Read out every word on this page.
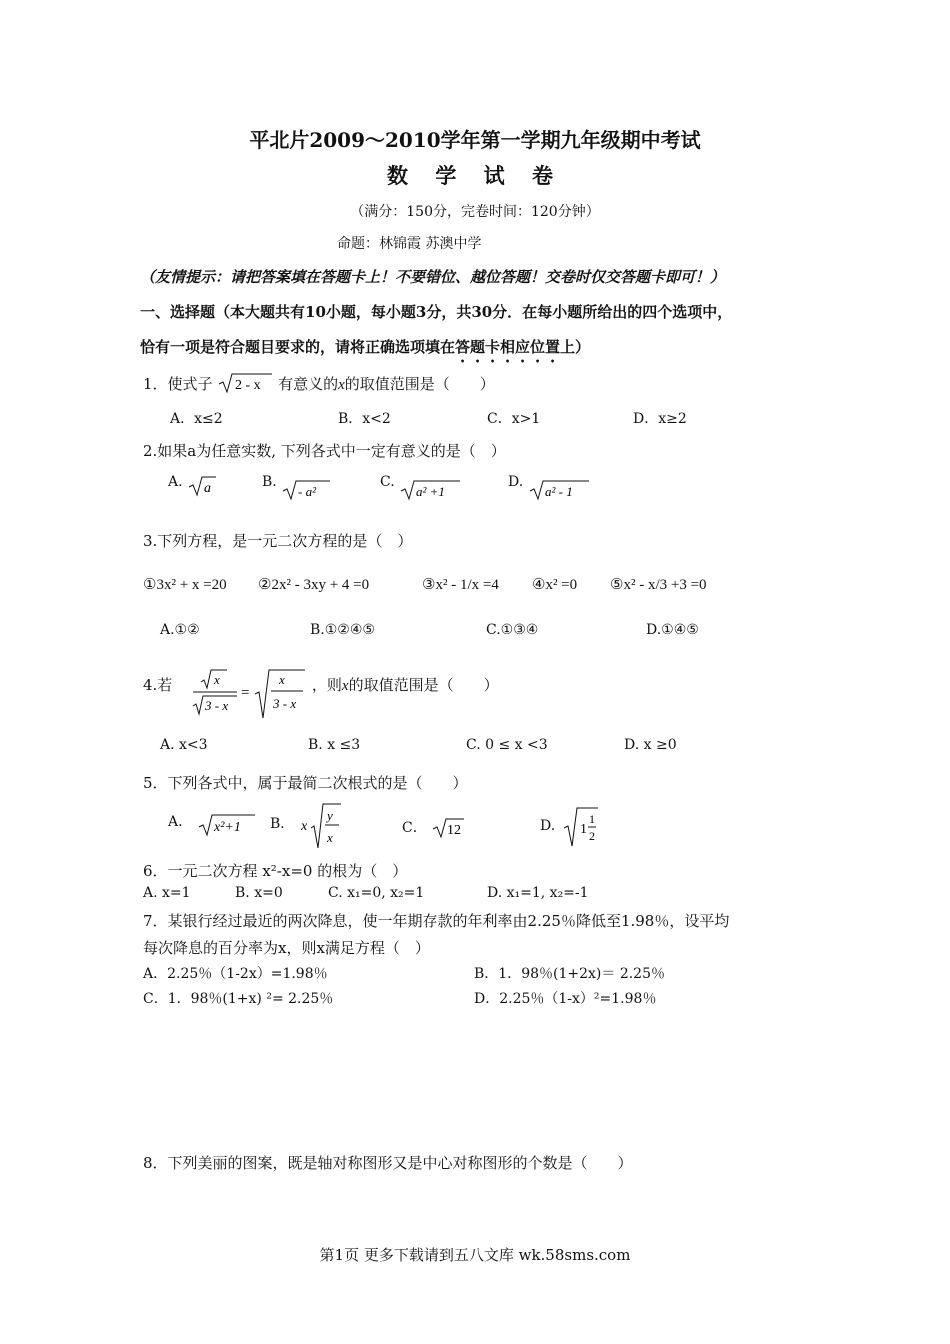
平北片2009～2010学年第一学期九年级期中考试
数 学 试 卷
（满分：150分，完卷时间：120分钟）
命题：林锦霞 苏澳中学
（友情提示：请把答案填在答题卡上！不要错位、越位答题！交卷时仅交答题卡即可！）
一、选择题（本大题共有10小题，每小题3分，共30分．在每小题所给出的四个选项中，
恰有一项是符合题目要求的，请将正确选项填在答题卡相应位置上）
1．使式子 2 - x 有意义的x的取值范围是（　　）
A．x≤2	B．x<2	C．x>1	D．x≥2
2.如果a为任意实数, 下列各式中一定有意义的是（　）
A. a	B.
- a²
C.
a² +1
D.
a² - 1
3.下列方程，是一元二次方程的是（　）
①3x² + x =20 ②2x² - 3xy + 4 =0	③x² - 1/x =4 ④x² =0 ⑤x² - x/3 +3 =0
A.①②	B.①②④⑤	C.①③④	D.①④⑤
4.若	x
3 - x
=
x
3 - x
，则x的取值范围是（　　）
A. x<3	B. x ≤3	C. 0 ≤ x <3	D. x ≥0
5．下列各式中，属于最简二次根式的是（　　）
A． x²+1 B． x
y
x
C． 12	D. 1
1
2
6．一元二次方程 x²-x=0 的根为（　）
A. x=1	B. x=0	C. x₁=0, x₂=1	D. x₁=1, x₂=-1
7．某银行经过最近的两次降息，使一年期存款的年利率由2.25％降低至1.98％，设平均
每次降息的百分率为x，则x满足方程（　）
A．2.25％（1-2x）=1.98％	B．1．98％(1+2x)＝ 2.25％
C．1．98％(1+x) ²= 2.25％	D．2.25％（1-x）²=1.98％
8．下列美丽的图案，既是轴对称图形又是中心对称图形的个数是（　　）
第1页 更多下载请到五八文库 wk.58sms.com
